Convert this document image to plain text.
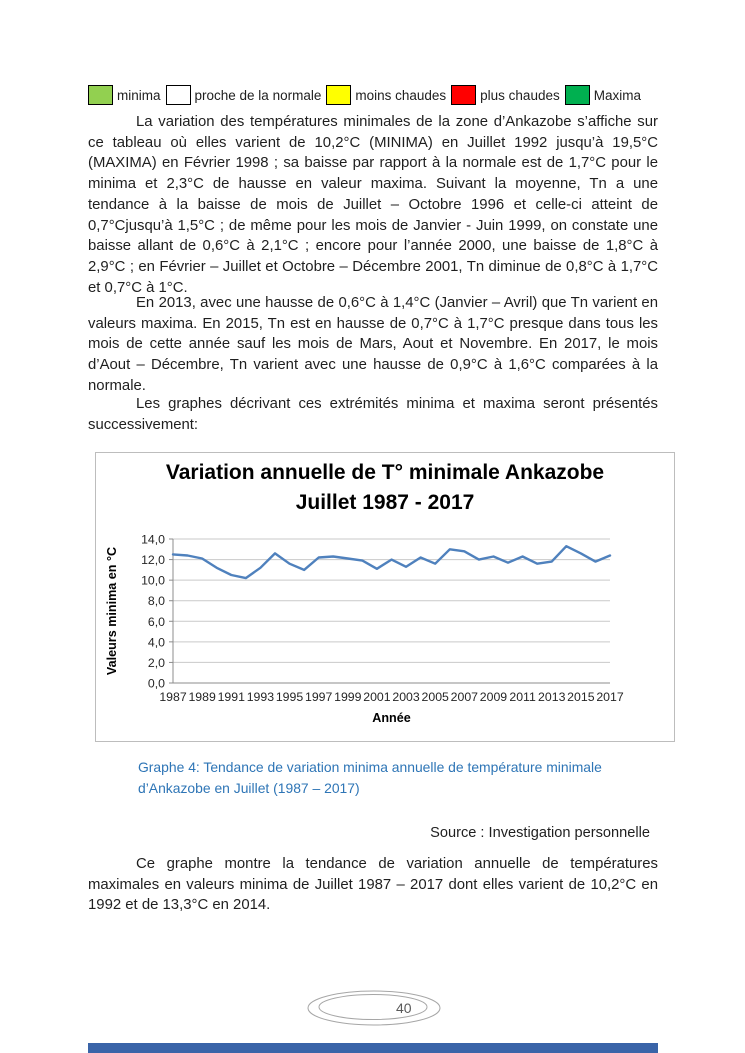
minima	proche de la normale	moins chaudes	plus chaudes	Maxima
La variation des températures minimales de la zone d’Ankazobe s’affiche sur ce tableau où elles varient de 10,2°C (MINIMA) en Juillet 1992 jusqu’à 19,5°C (MAXIMA) en Février 1998 ; sa baisse par rapport à la normale est de 1,7°C pour le minima et 2,3°C de hausse en valeur maxima. Suivant la moyenne, Tn a une tendance à la baisse de mois de Juillet – Octobre 1996 et celle-ci atteint de 0,7°Cjusqu’à 1,5°C ; de même pour les mois de Janvier - Juin 1999, on constate une baisse allant de 0,6°C à 2,1°C ; encore pour l’année 2000, une baisse de 1,8°C à 2,9°C ; en Février – Juillet et Octobre – Décembre 2001, Tn diminue de 0,8°C à 1,7°C et 0,7°C à 1°C.
En 2013, avec une hausse de 0,6°C à 1,4°C (Janvier – Avril) que Tn varient en valeurs maxima. En 2015, Tn est en hausse de 0,7°C à 1,7°C presque dans tous les mois de cette année sauf les mois de Mars, Aout et Novembre. En 2017, le mois d’Aout – Décembre, Tn varient avec une hausse de 0,9°C à 1,6°C comparées à la normale.
Les graphes décrivant ces extrémités minima et maxima seront présentés successivement:
Variation annuelle de T° minimale Ankazobe
Juillet 1987 - 2017
0,0
2,0
4,0
6,0
8,0
10,0
12,0
14,0
1987 1989 1991 1993 1995 1997 1999 2001 2003 2005 2007 2009 2011 2013 2015 2017
Valeurs minima en °C
Année
Graphe 4: Tendance de variation minima annuelle de température minimale d’Ankazobe en Juillet (1987 – 2017)
Source : Investigation personnelle
Ce graphe montre la tendance de variation annuelle de températures maximales en valeurs minima de Juillet 1987 – 2017 dont elles varient de 10,2°C en 1992 et de 13,3°C en 2014.
40
